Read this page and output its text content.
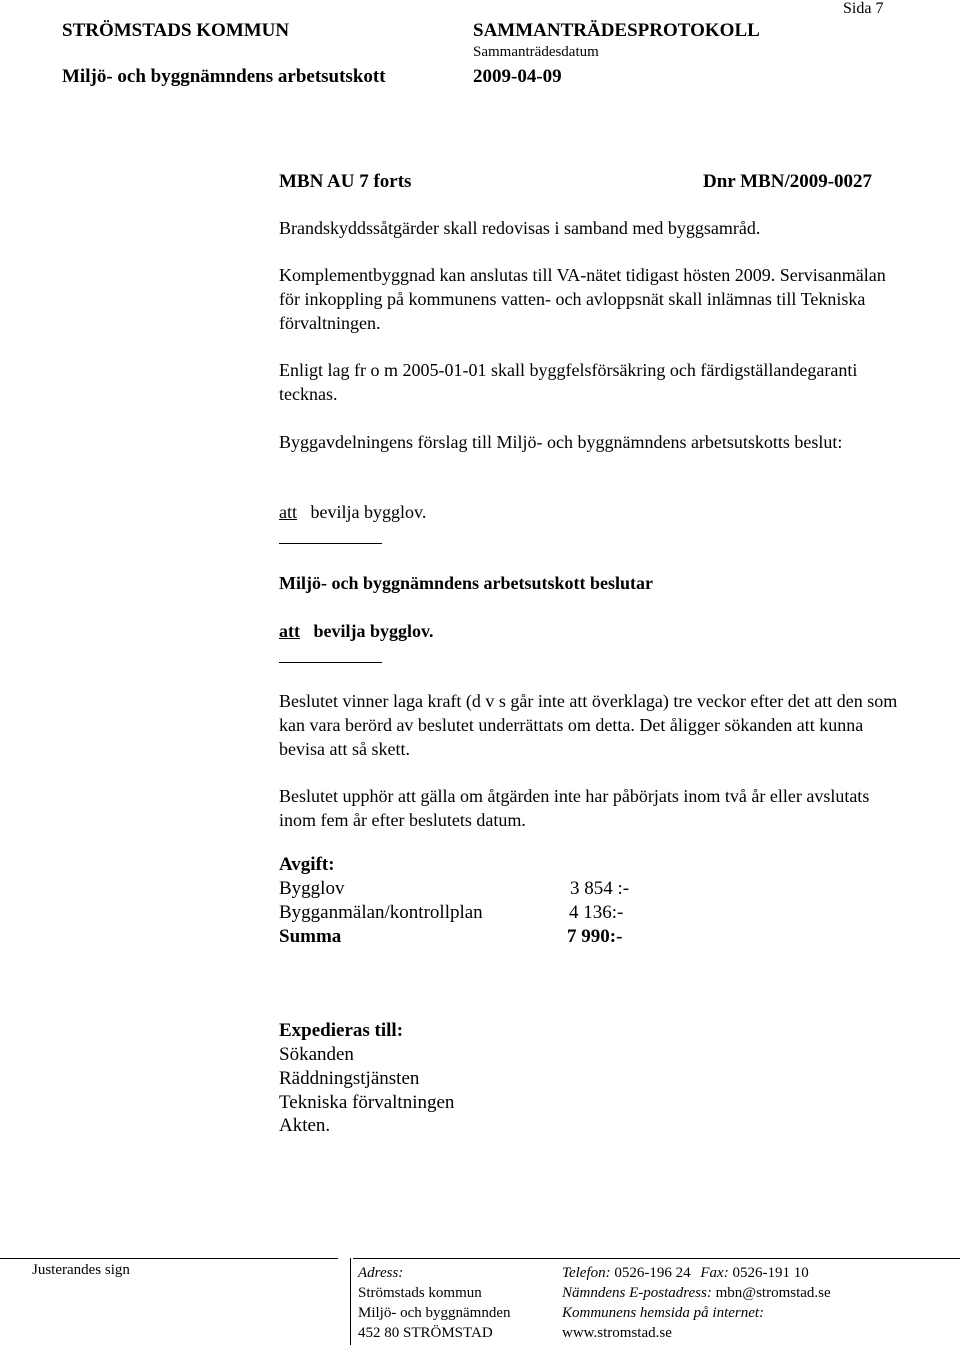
STRÖMSTADS KOMMUN	SAMMANTRÄDESPROTOKOLL
Sida 7
Sammanträdesdatum
Miljö- och byggnämndens arbetsutskott	2009-04-09
MBN AU 7 forts	Dnr MBN/2009-0027
Brandskyddssåtgärder skall redovisas i samband med byggsamråd.
Komplementbyggnad kan anslutas till VA-nätet tidigast hösten 2009. Servisanmälan för inkoppling på kommunens vatten- och avloppsnät skall inlämnas till Tekniska förvaltningen.
Enligt lag fr o m 2005-01-01 skall byggfelsförsäkring och färdigställandegaranti tecknas.
Byggavdelningens förslag till Miljö- och byggnämndens arbetsutskotts beslut:
att bevilja bygglov.
Miljö- och byggnämndens arbetsutskott beslutar
att bevilja bygglov.
Beslutet vinner laga kraft (d v s går inte att överklaga) tre veckor efter det att den som kan vara berörd av beslutet underrättats om detta. Det åligger sökanden att kunna bevisa att så skett.
Beslutet upphör att gälla om åtgärden inte har påbörjats inom två år eller avslutats inom fem år efter beslutets datum.
Avgift:
Bygglov	3 854 :-
Bygganmälan/kontrollplan	4 136:-
Summa	7 990:-
Expedieras till:
Sökanden
Räddningstjänsten
Tekniska förvaltningen
Akten.
Justerandes sign	Adress:
Strömstads kommun
Miljö- och byggnämnden
452 80 STRÖMSTAD
Telefon: 0526-196 24 Fax: 0526-191 10
Nämndens E-postadress: mbn@stromstad.se
Kommunens hemsida på internet:
www.stromstad.se
